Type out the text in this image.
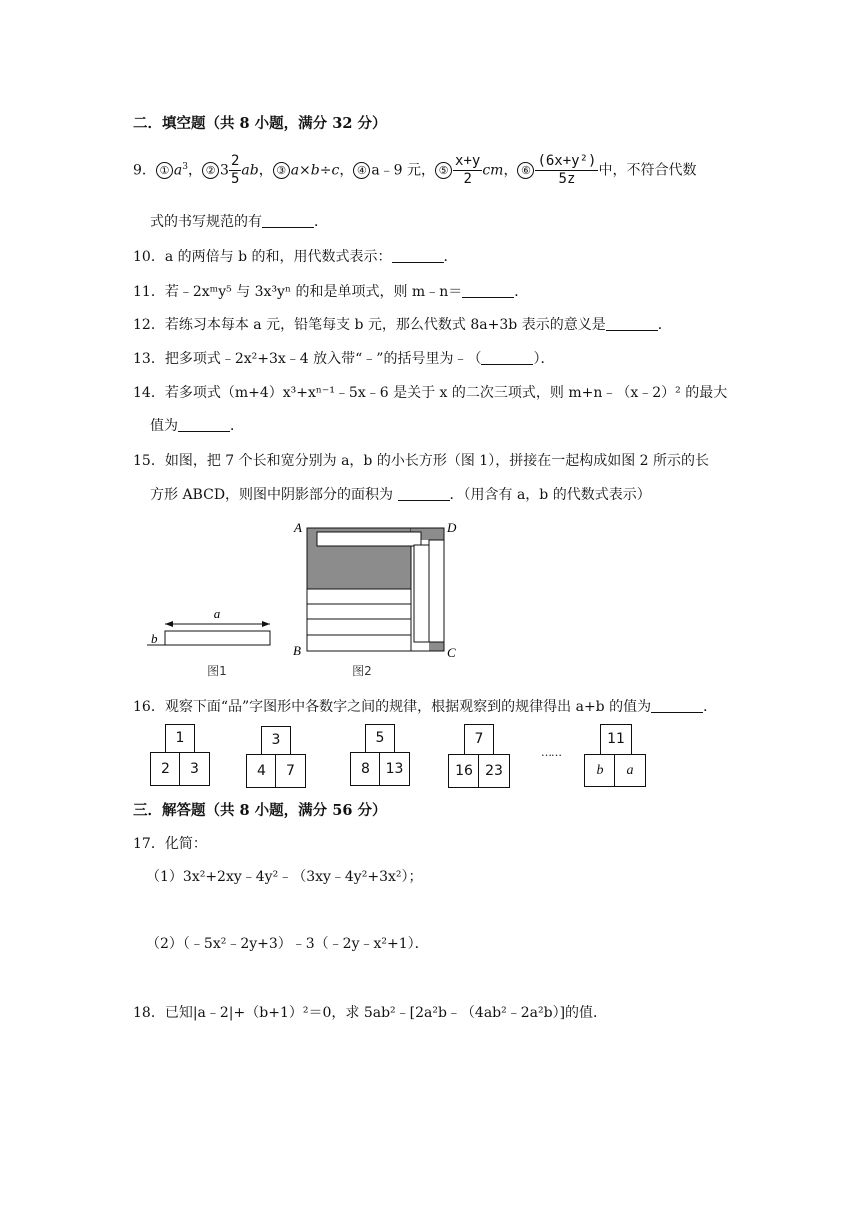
二．填空题（共 8 小题，满分 32 分）
9． ① $a^3$， ② $3 \frac{2}{5}$ ab， ③ a×b÷c， ④ a﹣9 元， ⑤ $\frac{x+y}{2}$ cm， ⑥ $\frac{\text{(6x+y²)}}{5z}$ 中，不符合代数
式的书写规范的有	．
10．a 的两倍与 b 的和，用代数式表示：	．
11．若﹣2xᵐy⁵ 与 3x³yⁿ 的和是单项式，则 m﹣n＝	．
12．若练习本每本 a 元，铅笔每支 b 元，那么代数式 8a+3b 表示的意义是	．
13．把多项式﹣2x²+3x﹣4 放入带“﹣”的括号里为﹣（	）．
14．若多项式（m+4）x³+xⁿ⁻¹﹣5x﹣6 是关于 x 的二次三项式，则 m+n﹣（x﹣2）² 的最大
值为	．
15．如图，把 7 个长和宽分别为 a，b 的小长方形（图 1），拼接在一起构成如图 2 所示的长
方形 ABCD，则图中阴影部分的面积为	．（用含有 a，b 的代数式表示）
a
b
图1
A	D
B	C
图2
16．观察下面“品”字图形中各数字之间的规律，根据观察到的规律得出 a+b 的值为	．
1
2	3
3
4	7
5
8	13
7
16 23
……
11
b	a
三．解答题（共 8 小题，满分 56 分）
17．化简：
（1）3x²+2xy﹣4y²﹣（3xy﹣4y²+3x²）；
（2）（﹣5x²﹣2y+3）﹣3（﹣2y﹣x²+1）．
18．已知|a﹣2|+（b+1）²＝0，求 5ab²﹣[2a²b﹣（4ab²﹣2a²b）]的值．
